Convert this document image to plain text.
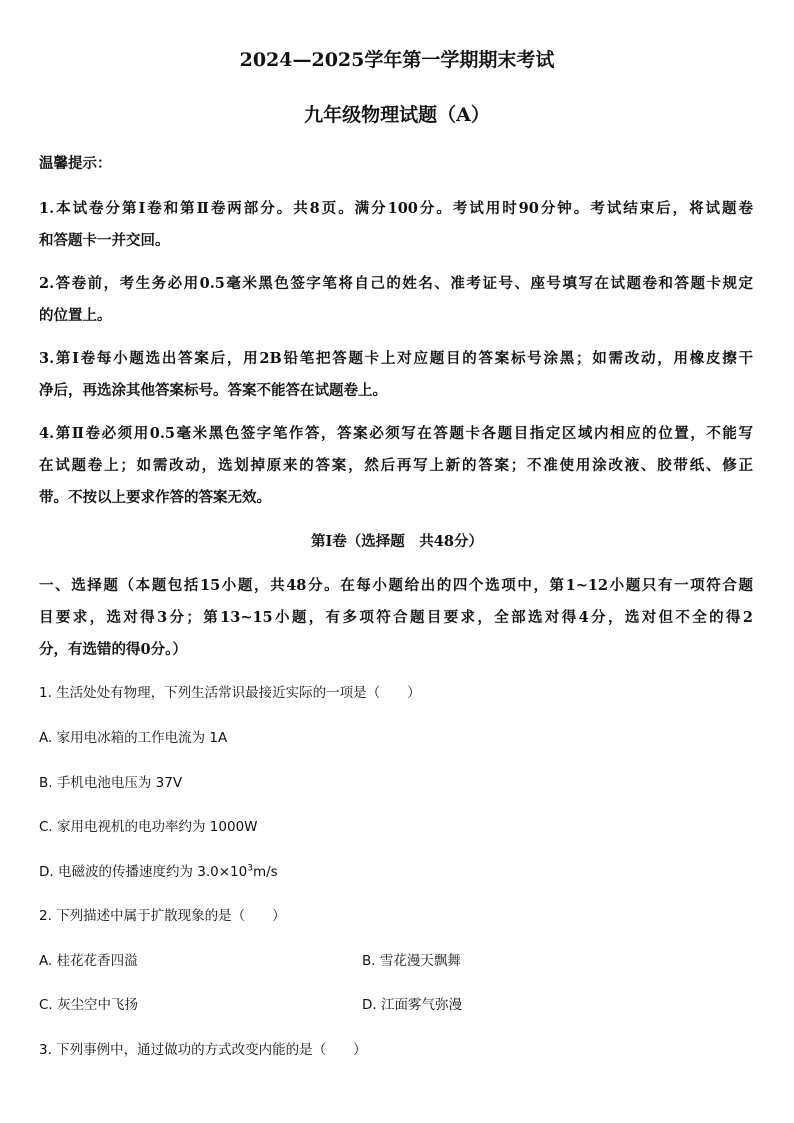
2024—2025学年第一学期期末考试
九年级物理试题（A）
温馨提示：
1.本试卷分第Ⅰ卷和第Ⅱ卷两部分。共8页。满分100分。考试用时90分钟。考试结束后，将试题卷
和答题卡一并交回。
2.答卷前，考生务必用0.5毫米黑色签字笔将自己的姓名、准考证号、座号填写在试题卷和答题卡规定
的位置上。
3.第Ⅰ卷每小题选出答案后，用2B铅笔把答题卡上对应题目的答案标号涂黑；如需改动，用橡皮擦干
净后，再选涂其他答案标号。答案不能答在试题卷上。
4.第Ⅱ卷必须用0.5毫米黑色签字笔作答，答案必须写在答题卡各题目指定区域内相应的位置，不能写
在试题卷上；如需改动，选划掉原来的答案，然后再写上新的答案；不准使用涂改液、胶带纸、修正
带。不按以上要求作答的答案无效。
第Ⅰ卷（选择题　共48分）
一、选择题（本题包括15小题，共48分。在每小题给出的四个选项中，第1~12小题只有一项符合题
目要求，选对得3分；第13~15小题，有多项符合题目要求，全部选对得4分，选对但不全的得2
分，有选错的得0分。）
1. 生活处处有物理，下列生活常识最接近实际的一项是（　　）
A. 家用电冰箱的工作电流为 1A
B. 手机电池电压为 37V
C. 家用电视机的电功率约为 1000W
D. 电磁波的传播速度约为 $3.0\times 10^3m/s$
2. 下列描述中属于扩散现象的是（　　）
A. 桂花花香四溢	B. 雪花漫天飘舞
C. 灰尘空中飞扬	D. 江面雾气弥漫
3. 下列事例中，通过做功的方式改变内能的是（　　）
